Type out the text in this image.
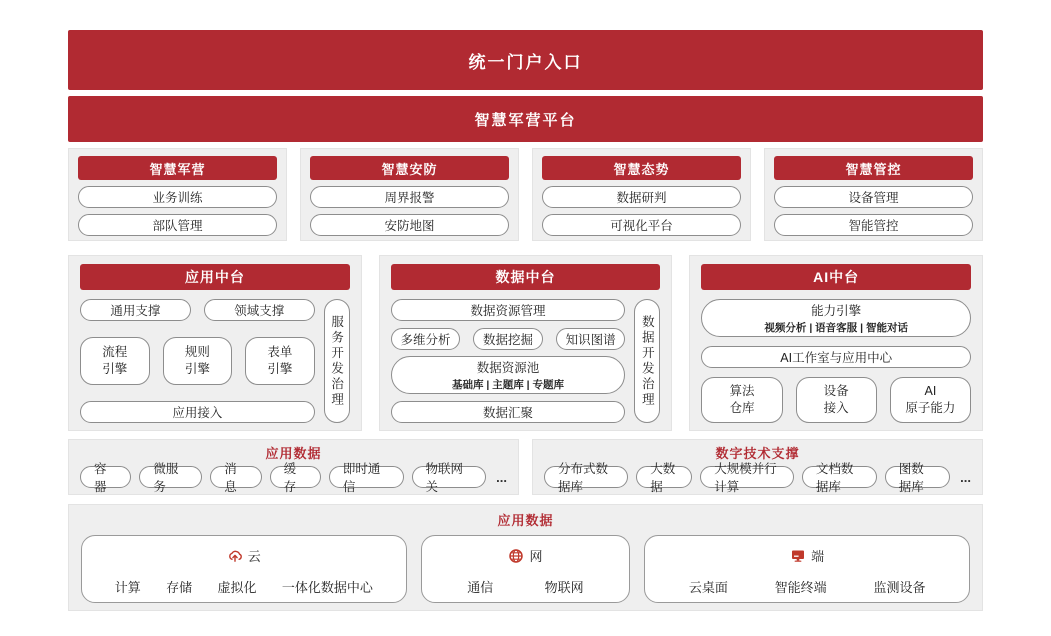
统一门户入口
智慧军营平台
智慧军营
业务训练
部队管理
智慧安防
周界报警
安防地图
智慧态势
数据研判
可视化平台
智慧管控
设备管理
智能管控
应用中台
通用支撑	领域支撑
流程
引擎
规则
引擎
表单
引擎
应用接入
服务开发治理
数据中台
数据资源管理
多维分析	数据挖掘	知识图谱
数据资源池
基础库 | 主题库 | 专题库
数据汇聚
数据开发治理
AI中台
能力引擎
视频分析 | 语音客服 | 智能对话
AI工作室与应用中心
算法
仓库
设备
接入
AI
原子能力
应用数据
容器
微服务
消息
缓存
即时通信
物联网关
...
数字技术支撑
分布式数据库
大数据
大规模并行计算
文档数据库
图数据库
...
应用数据
云
计算 存储 虚拟化 一体化数据中心
网
通信	物联网
端
云桌面	智能终端	监测设备
